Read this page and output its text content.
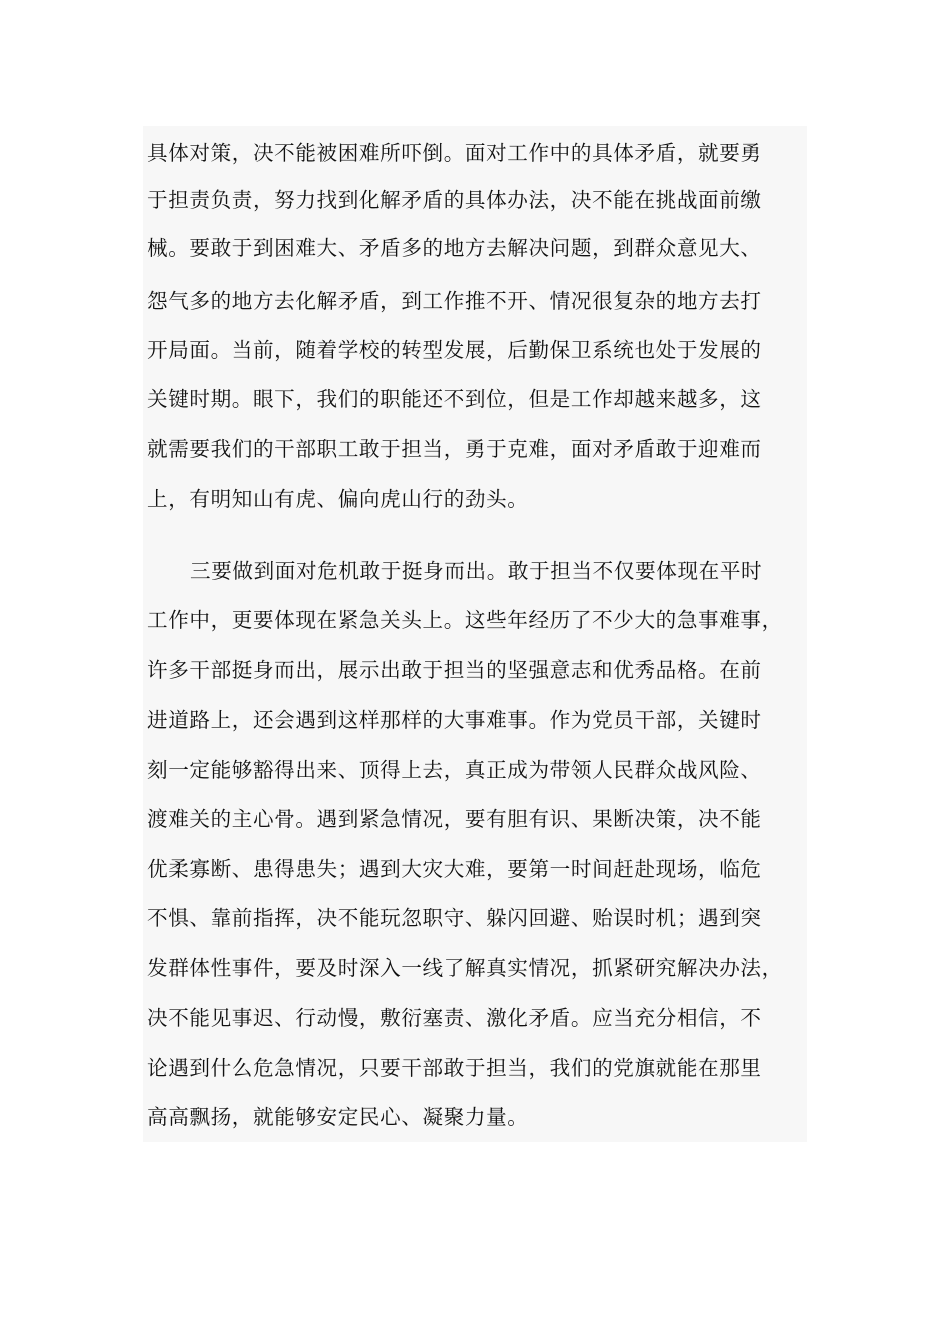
具体对策，决不能被困难所吓倒。面对工作中的具体矛盾，就要勇
于担责负责，努力找到化解矛盾的具体办法，决不能在挑战面前缴
械。要敢于到困难大、矛盾多的地方去解决问题，到群众意见大、
怨气多的地方去化解矛盾，到工作推不开、情况很复杂的地方去打
开局面。当前，随着学校的转型发展，后勤保卫系统也处于发展的
关键时期。眼下，我们的职能还不到位，但是工作却越来越多，这
就需要我们的干部职工敢于担当，勇于克难，面对矛盾敢于迎难而
上，有明知山有虎、偏向虎山行的劲头。
三要做到面对危机敢于挺身而出。敢于担当不仅要体现在平时
工作中，更要体现在紧急关头上。这些年经历了不少大的急事难事，
许多干部挺身而出，展示出敢于担当的坚强意志和优秀品格。在前
进道路上，还会遇到这样那样的大事难事。作为党员干部，关键时
刻一定能够豁得出来、顶得上去，真正成为带领人民群众战风险、
渡难关的主心骨。遇到紧急情况，要有胆有识、果断决策，决不能
优柔寡断、患得患失；遇到大灾大难，要第一时间赶赴现场，临危
不惧、靠前指挥，决不能玩忽职守、躲闪回避、贻误时机；遇到突
发群体性事件，要及时深入一线了解真实情况，抓紧研究解决办法，
决不能见事迟、行动慢，敷衍塞责、激化矛盾。应当充分相信，不
论遇到什么危急情况，只要干部敢于担当，我们的党旗就能在那里
高高飘扬，就能够安定民心、凝聚力量。
